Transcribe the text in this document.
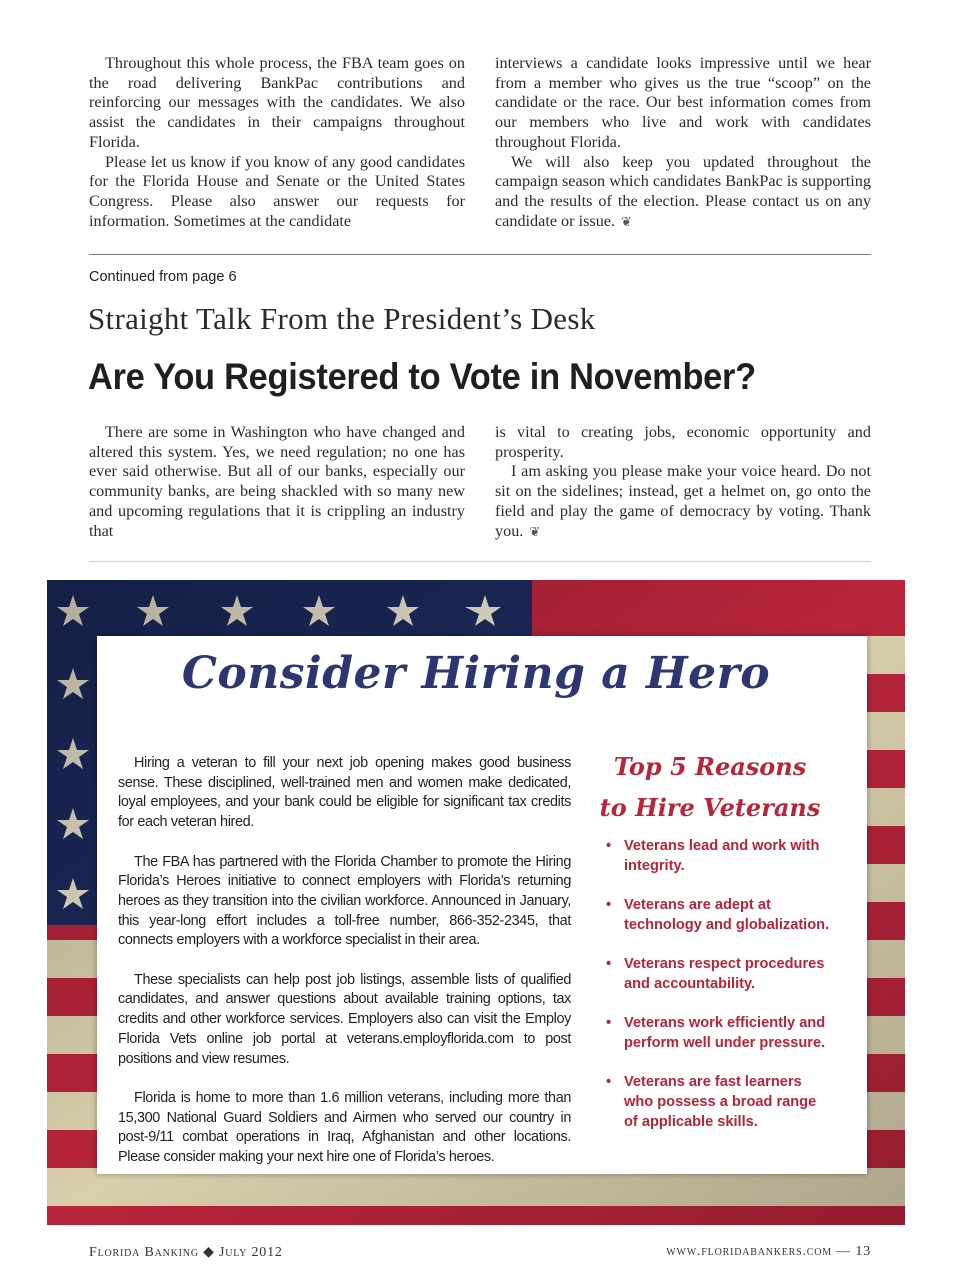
Throughout this whole process, the FBA team goes on the road delivering BankPac contributions and reinforcing our messages with the candidates. We also assist the candidates in their campaigns throughout Florida.

Please let us know if you know of any good candidates for the Florida House and Senate or the United States Congress. Please also answer our requests for information. Sometimes at the candidate

interviews a candidate looks impressive until we hear from a member who gives us the true “scoop” on the candidate or the race. Our best information comes from our members who live and work with candidates throughout Florida.

We will also keep you updated throughout the campaign season which candidates BankPac is supporting and the results of the election. Please contact us on any candidate or issue. ❦

Continued from page 6
Straight Talk From the President’s Desk
Are You Registered to Vote in November?

There are some in Washington who have changed and altered this system. Yes, we need regulation; no one has ever said otherwise. But all of our banks, especially our community banks, are being shackled with so many new and upcoming regulations that it is crippling an industry that

is vital to creating jobs, economic opportunity and prosperity.

I am asking you please make your voice heard. Do not sit on the sidelines; instead, get a helmet on, go onto the field and play the game of democracy by voting. Thank you. ❦

Consider Hiring a Hero

Hiring a veteran to fill your next job opening makes good business sense. These disciplined, well-trained men and women make dedicated, loyal employees, and your bank could be eligible for significant tax credits for each veteran hired.

The FBA has partnered with the Florida Chamber to promote the Hiring Florida’s Heroes initiative to connect employers with Florida’s returning heroes as they transition into the civilian workforce. Announced in January, this year-long effort includes a toll-free number, 866-352-2345, that connects employers with a workforce specialist in their area.

These specialists can help post job listings, assemble lists of qualified candidates, and answer questions about available training options, tax credits and other workforce services. Employers also can visit the Employ Florida Vets online job portal at veterans.employflorida.com to post positions and view resumes.

Florida is home to more than 1.6 million veterans, including more than 15,300 National Guard Soldiers and Airmen who served our country in post-9/11 combat operations in Iraq, Afghanistan and other locations. Please consider making your next hire one of Florida’s heroes.

Top 5 Reasons
to Hire Veterans
• Veterans lead and work with integrity.
• Veterans are adept at technology and globalization.
• Veterans respect procedures and accountability.
• Veterans work efficiently and perform well under pressure.
• Veterans are fast learners who possess a broad range of applicable skills.
Florida Banking ◆ July 2012	www.floridabankers.com — 13
